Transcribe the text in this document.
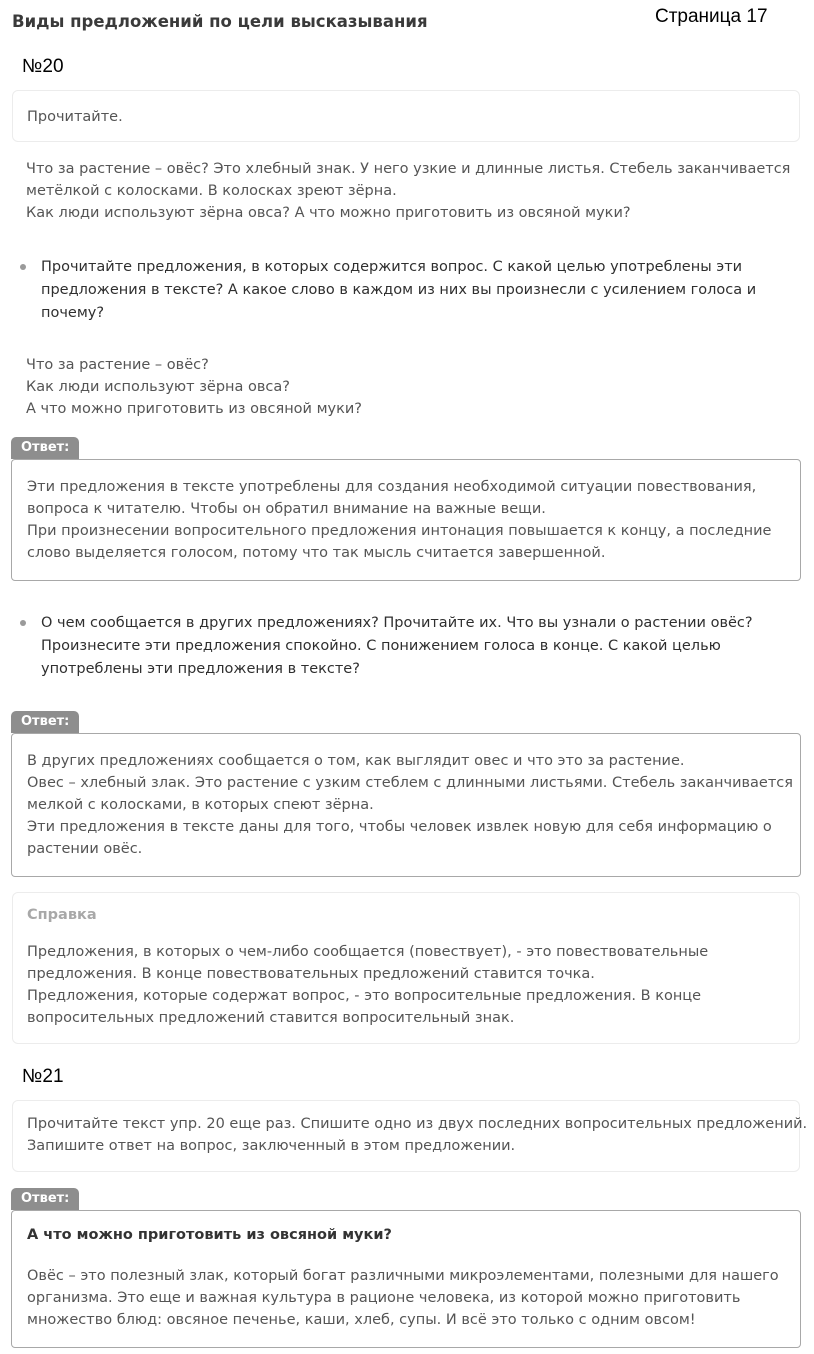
Виды предложений по цели высказывания	Страница 17
№20
Прочитайте.
Что за растение – овёс? Это хлебный знак. У него узкие и длинные листья. Стебель заканчивается
метёлкой с колосками. В колосках зреют зёрна.
Как люди используют зёрна овса? А что можно приготовить из овсяной муки?
Прочитайте предложения, в которых содержится вопрос. С какой целью употреблены эти
предложения в тексте? А какое слово в каждом из них вы произнесли с усилением голоса и
почему?
Что за растение – овёс?
Как люди используют зёрна овса?
А что можно приготовить из овсяной муки?
Ответ:
Эти предложения в тексте употреблены для создания необходимой ситуации повествования,
вопроса к читателю. Чтобы он обратил внимание на важные вещи.
При произнесении вопросительного предложения интонация повышается к концу, а последние
слово выделяется голосом, потому что так мысль считается завершенной.
О чем сообщается в других предложениях? Прочитайте их. Что вы узнали о растении овёс?
Произнесите эти предложения спокойно. С понижением голоса в конце. С какой целью
употреблены эти предложения в тексте?
Ответ:
В других предложениях сообщается о том, как выглядит овес и что это за растение.
Овес – хлебный злак. Это растение с узким стеблем с длинными листьями. Стебель заканчивается
мелкой с колосками, в которых спеют зёрна.
Эти предложения в тексте даны для того, чтобы человек извлек новую для себя информацию о
растении овёс.
Справка
Предложения, в которых о чем-либо сообщается (повествует), - это повествовательные
предложения. В конце повествовательных предложений ставится точка.
Предложения, которые содержат вопрос, - это вопросительные предложения. В конце
вопросительных предложений ставится вопросительный знак.
№21
Прочитайте текст упр. 20 еще раз. Спишите одно из двух последних вопросительных предложений.
Запишите ответ на вопрос, заключенный в этом предложении.
Ответ:
А что можно приготовить из овсяной муки?
Овёс – это полезный злак, который богат различными микроэлементами, полезными для нашего
организма. Это еще и важная культура в рационе человека, из которой можно приготовить
множество блюд: овсяное печенье, каши, хлеб, супы. И всё это только с одним овсом!
